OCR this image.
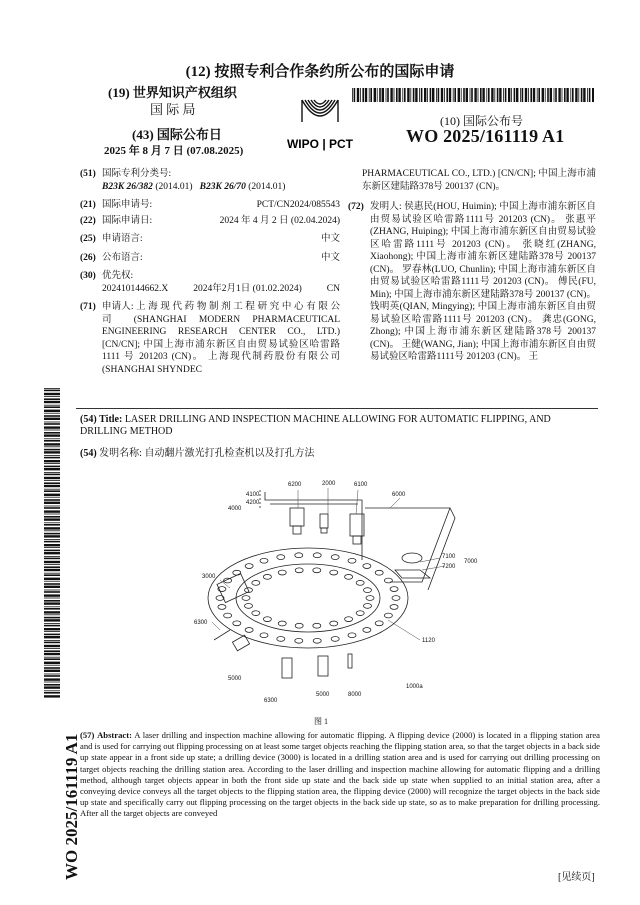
(12) 按照专利合作条约所公布的国际申请
(19) 世界知识产权组织
国 际 局
(43) 国际公布日
2025 年 8 月 7 日 (07.08.2025)	WIPO | PCT
(10) 国际公布号
WO 2025/161119 A1
(51) 国际专利分类号:
B23K 26/382 (2014.01) B23K 26/70 (2014.01)
(21) 国际申请号:	PCT/CN2024/085543
(22) 国际申请日:	2024 年 4 月 2 日 (02.04.2024)
(25) 申请语言:	中文
(26) 公布语言:	中文
(30) 优先权:

202410144662.X	2024年2月1日 (01.02.2024)	CN
(71) 申请人: 上 海 现 代 药 物 制 剂 工 程 研 究 中 心 有 限 公 司 (SHANGHAI MODERN PHARMACEUTICAL ENGINEERING RESEARCH CENTER CO., LTD.) [CN/CN]; 中国上海市浦东新区自由贸易试验区哈雷路 1111 号 201203 (CN)。 上海现代制药股份有限公司(SHANGHAI SHYNDEC
PHARMACEUTICAL CO., LTD.) [CN/CN]; 中国上海市浦东新区建陆路378号 200137 (CN)。
(72) 发明人: 侯惠民(HOU, Huimin); 中国上海市浦东新区自由贸易试验区哈雷路1111号 201203 (CN)。 张惠平(ZHANG, Huiping); 中国上海市浦东新区自由贸易试验区哈雷路1111号 201203 (CN)。 张晓红(ZHANG, Xiaohong); 中国上海市浦东新区建陆路378号 200137 (CN)。 罗春林(LUO, Chunlin); 中国上海市浦东新区自由贸易试验区哈雷路1111号 201203 (CN)。 傅民(FU, Min); 中国上海市浦东新区建陆路378号 200137 (CN)。 钱明英(QIAN, Mingying); 中国上海市浦东新区自由贸易试验区哈雷路1111号 201203 (CN)。 龚忠(GONG, Zhong); 中国上海市浦东新区建陆路378号 200137 (CN)。 王健(WANG, Jian); 中国上海市浦东新区自由贸易试验区哈雷路1111号 201203 (CN)。 王
WO 2025/161119 A1
(54) Title: LASER DRILLING AND INSPECTION MACHINE ALLOWING FOR AUTOMATIC FLIPPING, AND DRILLING METHOD
(54) 发明名称: 自动翻片激光打孔检查机以及打孔方法
4100
4200
4000
6200	2000	6100
6000
7100
7200
7000
3000
6300
1120
5000
6300
5000	8000
1000a
图 1
(57) Abstract: A laser drilling and inspection machine allowing for automatic flipping. A flipping device (2000) is located in a flipping station area and is used for carrying out flipping processing on at least some target objects reaching the flipping station area, so that the target objects in a back side up state appear in a front side up state; a drilling device (3000) is located in a drilling station area and is used for carrying out drilling processing on target objects reaching the drilling station area. According to the laser drilling and inspection machine allowing for automatic flipping and a drilling method, although target objects appear in both the front side up state and the back side up state when supplied to an initial station area, after a conveying device conveys all the target objects to the flipping station area, the flipping device (2000) will recognize the target objects in the back side up state and specifically carry out flipping processing on the target objects in the back side up state, so as to make preparation for drilling processing. After all the target objects are conveyed
[见续页]
